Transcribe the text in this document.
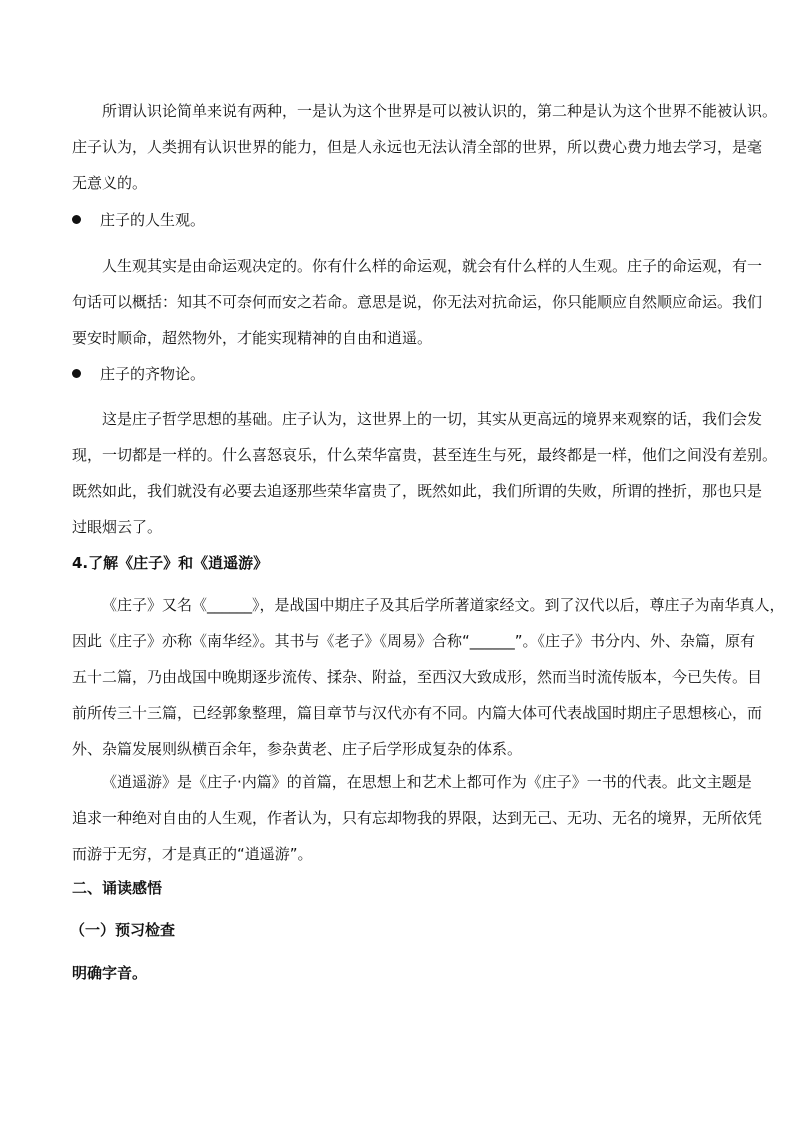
所谓认识论简单来说有两种，一是认为这个世界是可以被认识的，第二种是认为这个世界不能被认识。
庄子认为，人类拥有认识世界的能力，但是人永远也无法认清全部的世界，所以费心费力地去学习，是毫
无意义的。

庄子的人生观。

人生观其实是由命运观决定的。你有什么样的命运观，就会有什么样的人生观。庄子的命运观，有一
句话可以概括：知其不可奈何而安之若命。意思是说，你无法对抗命运，你只能顺应自然顺应命运。我们
要安时顺命，超然物外，才能实现精神的自由和逍遥。

庄子的齐物论。

这是庄子哲学思想的基础。庄子认为，这世界上的一切，其实从更高远的境界来观察的话，我们会发
现，一切都是一样的。什么喜怒哀乐，什么荣华富贵，甚至连生与死，最终都是一样，他们之间没有差别。
既然如此，我们就没有必要去追逐那些荣华富贵了，既然如此，我们所谓的失败，所谓的挫折，那也只是
过眼烟云了。

4.了解《庄子》和《逍遥游》

《庄子》又名《______》，是战国中期庄子及其后学所著道家经文。到了汉代以后，尊庄子为南华真人，
因此《庄子》亦称《南华经》。其书与《老子》《周易》合称“______”。《庄子》书分内、外、杂篇，原有
五十二篇，乃由战国中晚期逐步流传、揉杂、附益，至西汉大致成形，然而当时流传版本，今已失传。目
前所传三十三篇，已经郭象整理，篇目章节与汉代亦有不同。内篇大体可代表战国时期庄子思想核心，而
外、杂篇发展则纵横百余年，参杂黄老、庄子后学形成复杂的体系。

《逍遥游》是《庄子·内篇》的首篇，在思想上和艺术上都可作为《庄子》一书的代表。此文主题是
追求一种绝对自由的人生观，作者认为，只有忘却物我的界限，达到无己、无功、无名的境界，无所依凭
而游于无穷，才是真正的“逍遥游”。

二、诵读感悟
（一）预习检查
明确字音。
